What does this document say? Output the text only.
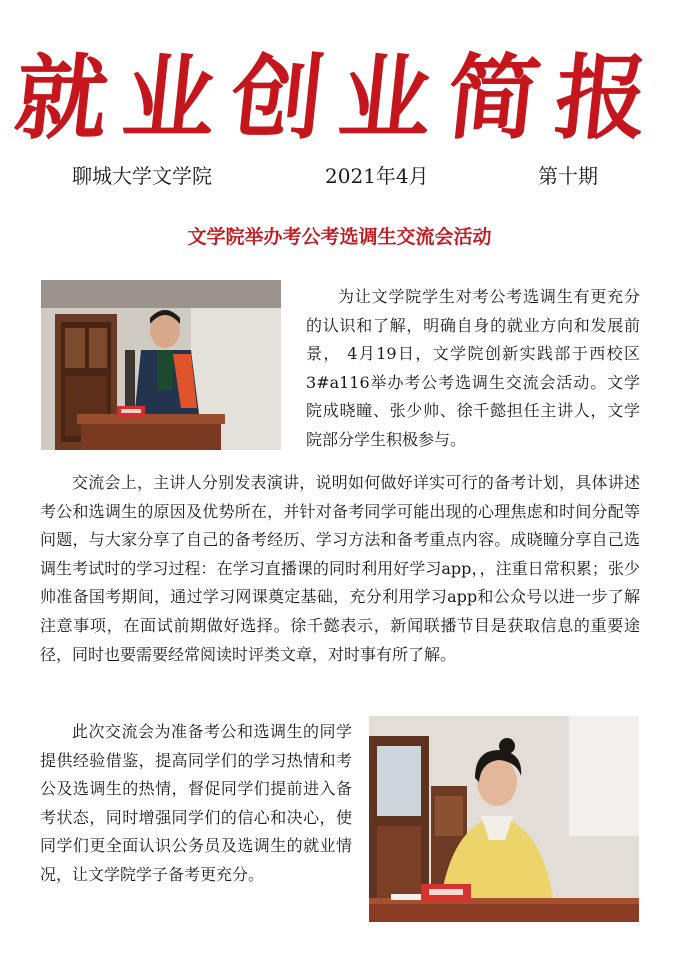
就业创业简报
聊城大学文学院	2021年4月	第十期
文学院举办考公考选调生交流会活动

为让文学院学生对考公考选调生有更充分的认识和了解，明确自身的就业方向和发展前景， 4月19日，文学院创新实践部于西校区3#a116举办考公考选调生交流会活动。文学院成晓瞳、张少帅、徐千懿担任主讲人，文学院部分学生积极参与。

交流会上，主讲人分别发表演讲，说明如何做好详实可行的备考计划，具体讲述考公和选调生的原因及优势所在，并针对备考同学可能出现的心理焦虑和时间分配等问题，与大家分享了自己的备考经历、学习方法和备考重点内容。成晓瞳分享自己选调生考试时的学习过程：在学习直播课的同时利用好学习app，，注重日常积累；张少帅准备国考期间，通过学习网课奠定基础，充分利用学习app和公众号以进一步了解注意事项，在面试前期做好选择。徐千懿表示，新闻联播节目是获取信息的重要途径，同时也要需要经常阅读时评类文章，对时事有所了解。

此次交流会为准备考公和选调生的同学提供经验借鉴，提高同学们的学习热情和考公及选调生的热情，督促同学们提前进入备考状态，同时增强同学们的信心和决心，使同学们更全面认识公务员及选调生的就业情况，让文学院学子备考更充分。
